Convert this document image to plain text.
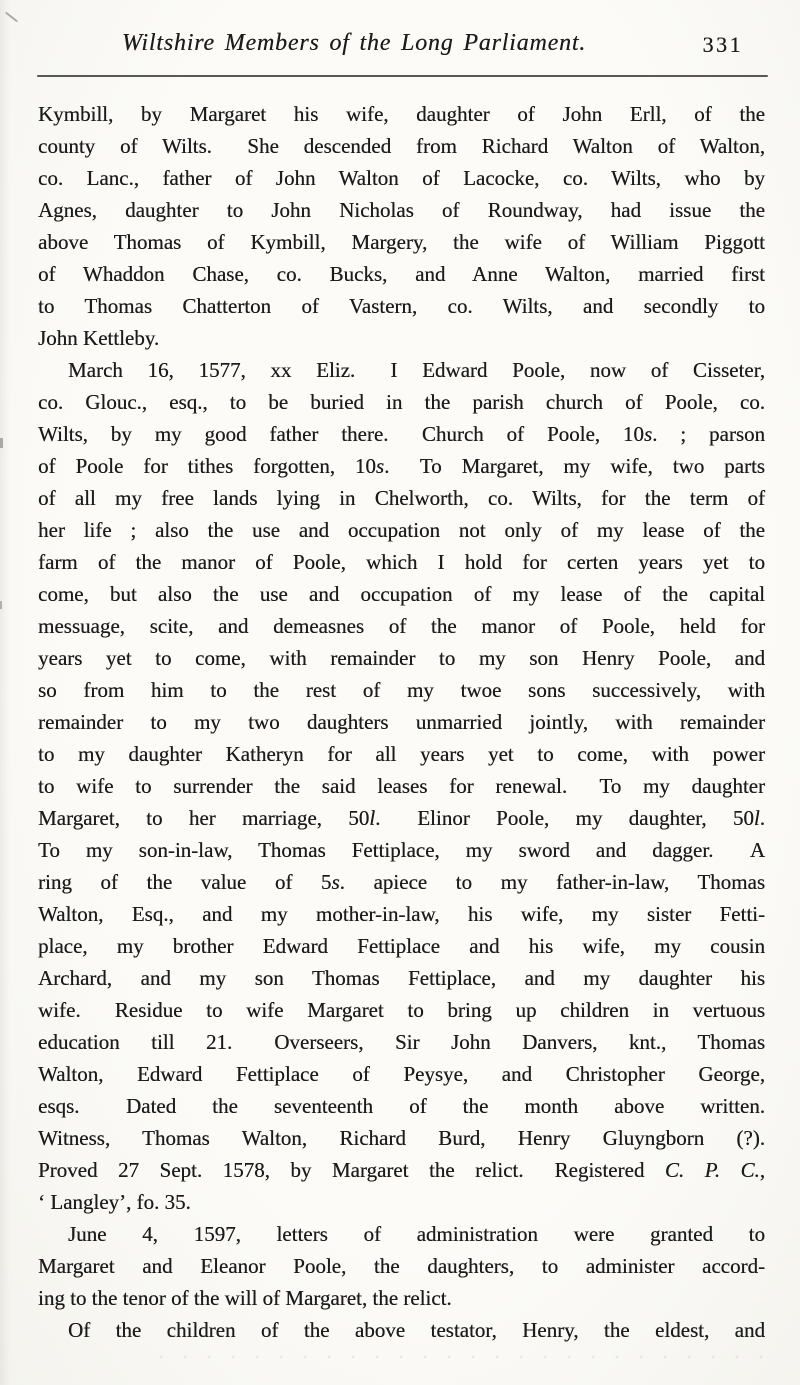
Wiltshire Members of the Long Parliament.	331
Kymbill, by Margaret his wife, daughter of John Erll, of the
county of Wilts.  She descended from Richard Walton of Walton,
co. Lanc., father of John Walton of Lacocke, co. Wilts, who by
Agnes, daughter to John Nicholas of Roundway, had issue the
above Thomas of Kymbill, Margery, the wife of William Piggott
of Whaddon Chase, co. Bucks, and Anne Walton, married first
to Thomas Chatterton of Vastern, co. Wilts, and secondly to
John Kettleby.
March 16, 1577, xx Eliz.  I Edward Poole, now of Cisseter,
co. Glouc., esq., to be buried in the parish church of Poole, co.
Wilts, by my good father there.  Church of Poole, 10s. ; parson
of Poole for tithes forgotten, 10s.  To Margaret, my wife, two parts
of all my free lands lying in Chelworth, co. Wilts, for the term of
her life ; also the use and occupation not only of my lease of the
farm of the manor of Poole, which I hold for certen years yet to
come, but also the use and occupation of my lease of the capital
messuage, scite, and demeasnes of the manor of Poole, held for
years yet to come, with remainder to my son Henry Poole, and
so from him to the rest of my twoe sons successively, with
remainder to my two daughters unmarried jointly, with remainder
to my daughter Katheryn for all years yet to come, with power
to wife to surrender the said leases for renewal.  To my daughter
Margaret, to her marriage, 50l.  Elinor Poole, my daughter, 50l.
To my son-in-law, Thomas Fettiplace, my sword and dagger.  A
ring of the value of 5s. apiece to my father-in-law, Thomas
Walton, Esq., and my mother-in-law, his wife, my sister Fetti-
place, my brother Edward Fettiplace and his wife, my cousin
Archard, and my son Thomas Fettiplace, and my daughter his
wife.  Residue to wife Margaret to bring up children in vertuous
education till 21.  Overseers, Sir John Danvers, knt., Thomas
Walton, Edward Fettiplace of Peysye, and Christopher George,
esqs.  Dated the seventeenth of the month above written.
Witness, Thomas Walton, Richard Burd, Henry Gluyngborn (?).
Proved 27 Sept. 1578, by Margaret the relict.  Registered C. P. C.,
‘ Langley’, fo. 35.
June 4, 1597, letters of administration were granted to
Margaret and Eleanor Poole, the daughters, to administer accord-
ing to the tenor of the will of Margaret, the relict.
Of the children of the above testator, Henry, the eldest, and
